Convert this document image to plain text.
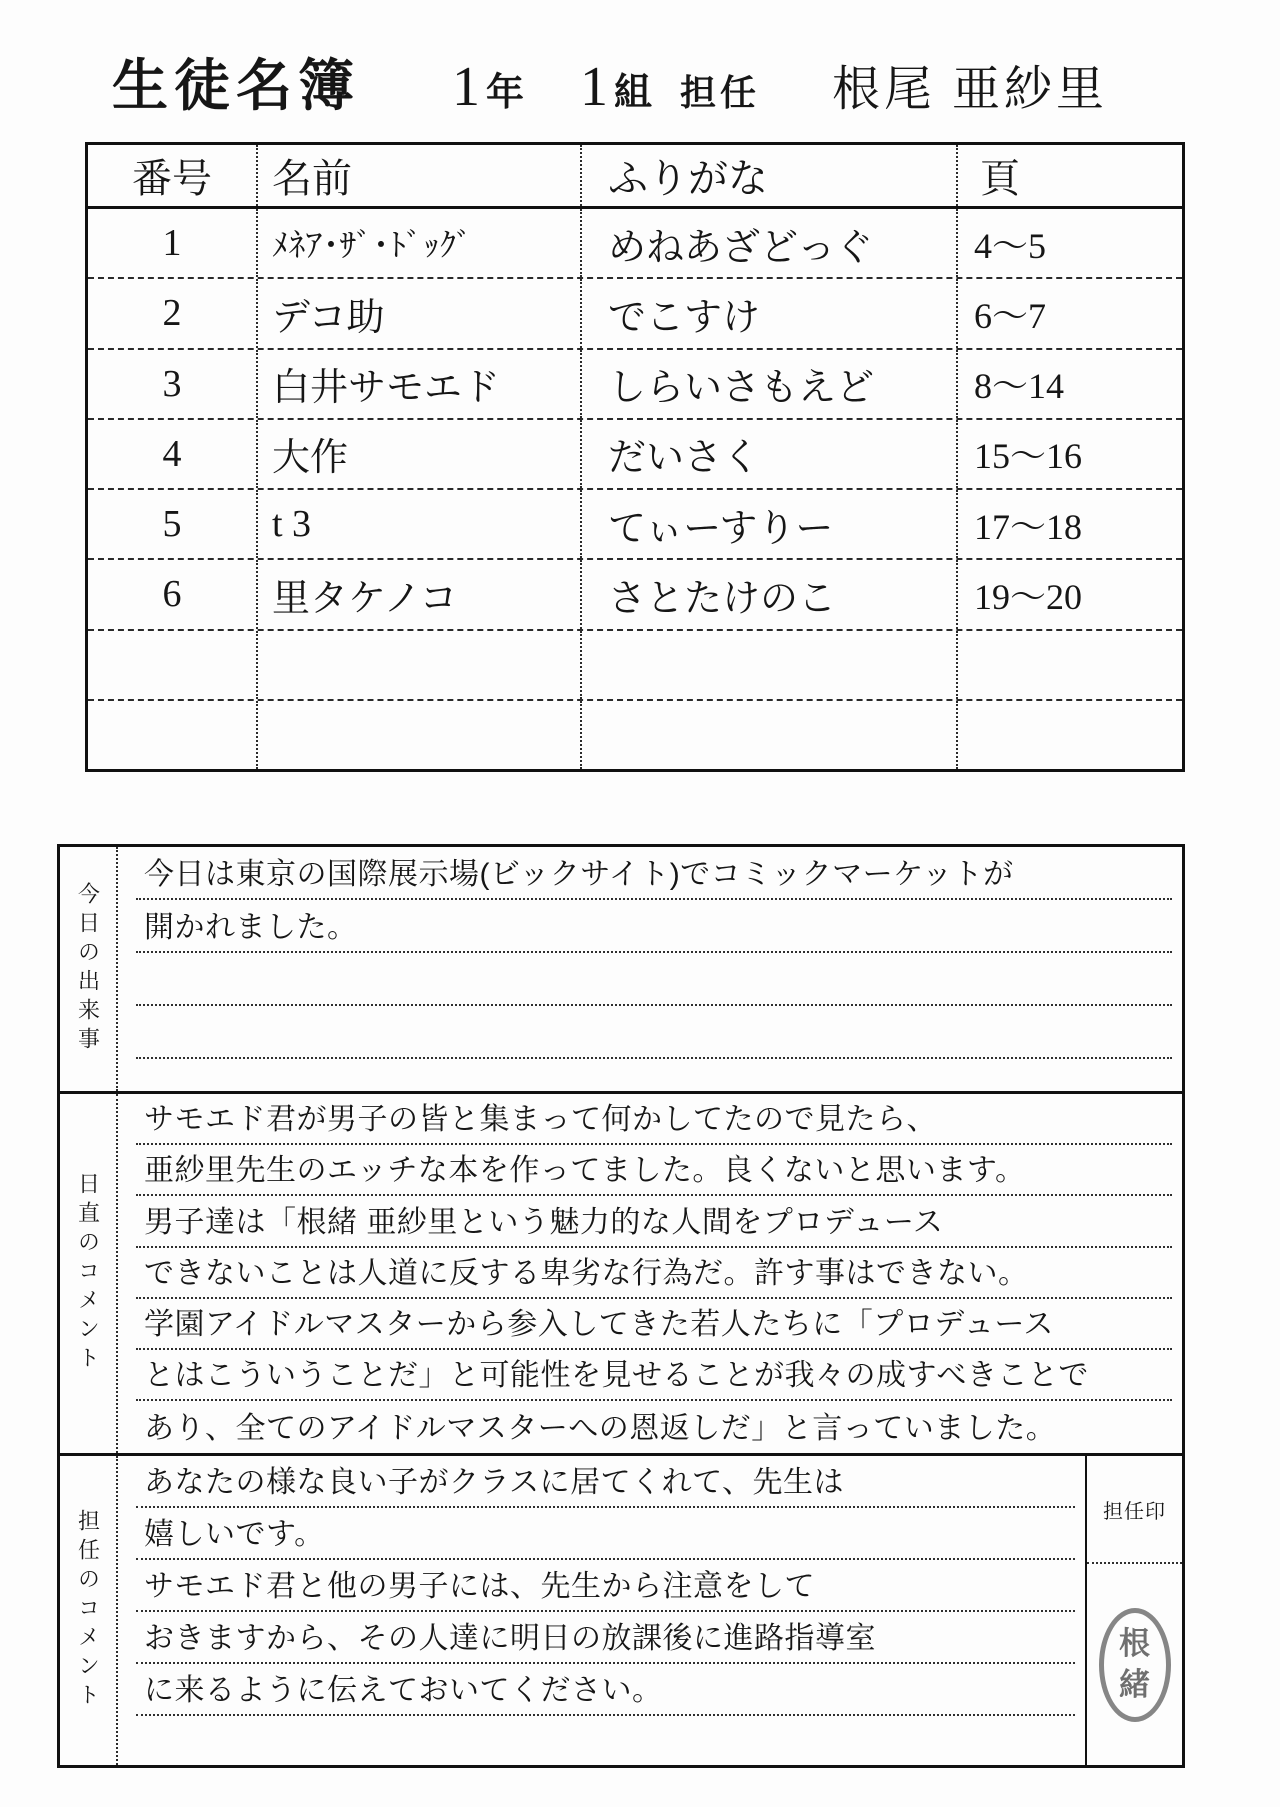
生徒名簿 1 年 1 組 担任 根尾 亜紗里
番号	名前	ふりがな	頁
1	ﾒﾈｱ･ｻﾞ･ﾄﾞｯｸﾞ	めねあざどっぐ	4〜5
2	デコ助	でこすけ	6〜7
3	白井サモエド	しらいさもえど	8〜14
4	大作	だいさく	15〜16
5	t 3	てぃーすりー	17〜18
6	里タケノコ	さとたけのこ	19〜20
今日の出来事
今日は東京の国際展示場(ビックサイト)でコミックマーケットが
開かれました。
日直のコメント
サモエド君が男子の皆と集まって何かしてたので見たら、
亜紗里先生のエッチな本を作ってました。良くないと思います。
男子達は「根緒 亜紗里という魅力的な人間をプロデュース
できないことは人道に反する卑劣な行為だ。許す事はできない。
学園アイドルマスターから参入してきた若人たちに「プロデュース
とはこういうことだ」と可能性を見せることが我々の成すべきことで
あり、全てのアイドルマスターへの恩返しだ」と言っていました。
担任のコメント
あなたの様な良い子がクラスに居てくれて、先生は
嬉しいです。
サモエド君と他の男子には、先生から注意をして
おきますから、その人達に明日の放課後に進路指導室
に来るように伝えておいてください。
担任印
根
緒
